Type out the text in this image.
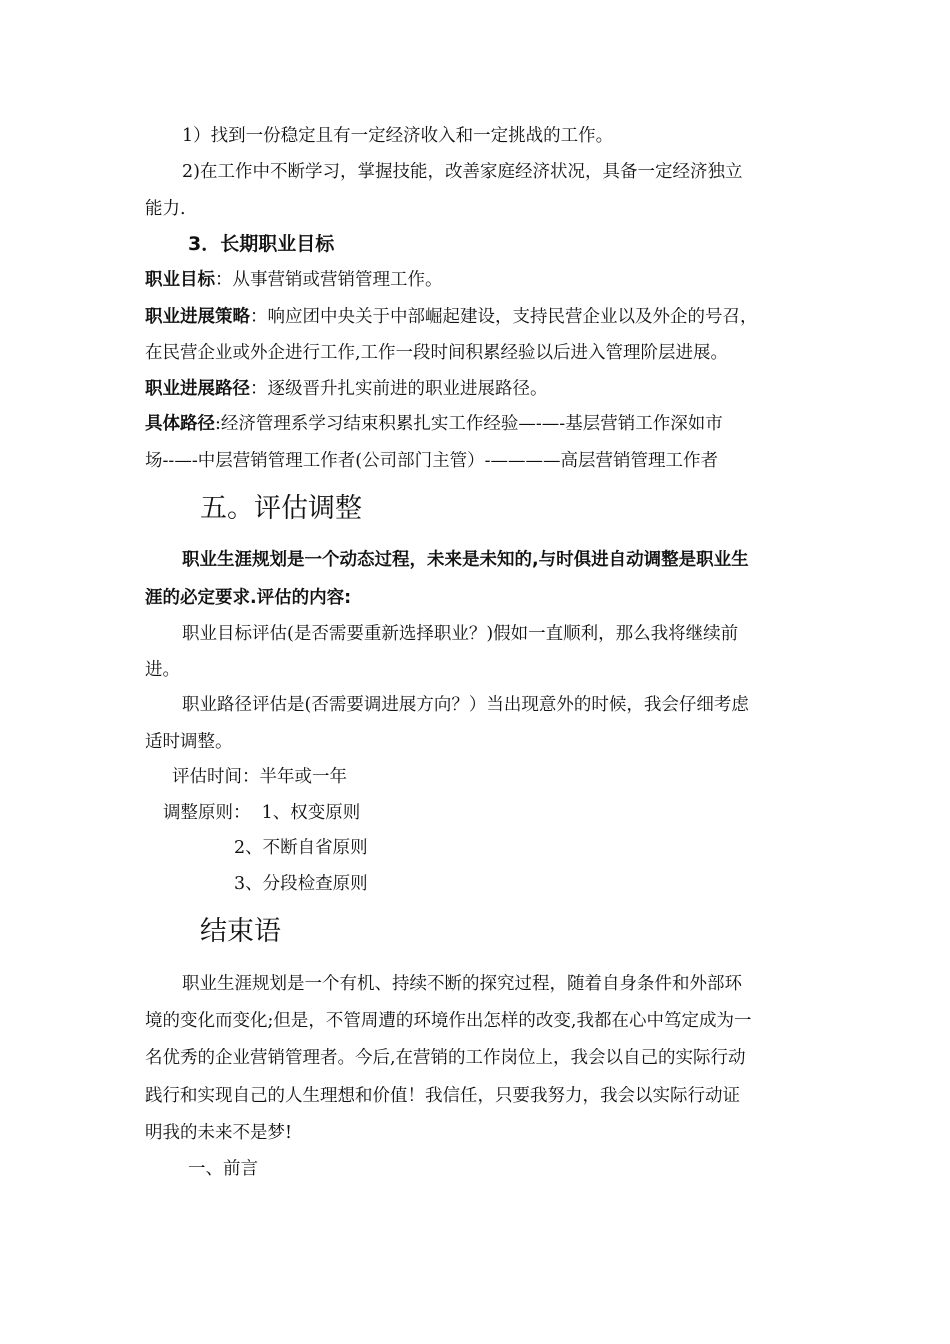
1）找到一份稳定且有一定经济收入和一定挑战的工作。
2)在工作中不断学习，掌握技能，改善家庭经济状况，具备一定经济独立
能力.
3．长期职业目标
职业目标：从事营销或营销管理工作。
职业进展策略：响应团中央关于中部崛起建设，支持民营企业以及外企的号召，
在民营企业或外企进行工作,工作一段时间积累经验以后进入管理阶层进展。
职业进展路径：逐级晋升扎实前进的职业进展路径。
具体路径:经济管理系学习结束积累扎实工作经验—-—-基层营销工作深如市
场--—-中层营销管理工作者(公司部门主管）-————高层营销管理工作者
五。评估调整
职业生涯规划是一个动态过程，未来是未知的,与时俱进自动调整是职业生
涯的必定要求.评估的内容:
职业目标评估(是否需要重新选择职业？)假如一直顺利，那么我将继续前
进。
职业路径评估是(否需要调进展方向？）当出现意外的时候，我会仔细考虑
适时调整。
评估时间：半年或一年
调整原则：  1、权变原则
2、不断自省原则
3、分段检查原则
结束语
职业生涯规划是一个有机、持续不断的探究过程，随着自身条件和外部环
境的变化而变化;但是，不管周遭的环境作出怎样的改变,我都在心中笃定成为一
名优秀的企业营销管理者。今后,在营销的工作岗位上，我会以自己的实际行动
践行和实现自己的人生理想和价值！我信任，只要我努力，我会以实际行动证
明我的未来不是梦!
一、前言
